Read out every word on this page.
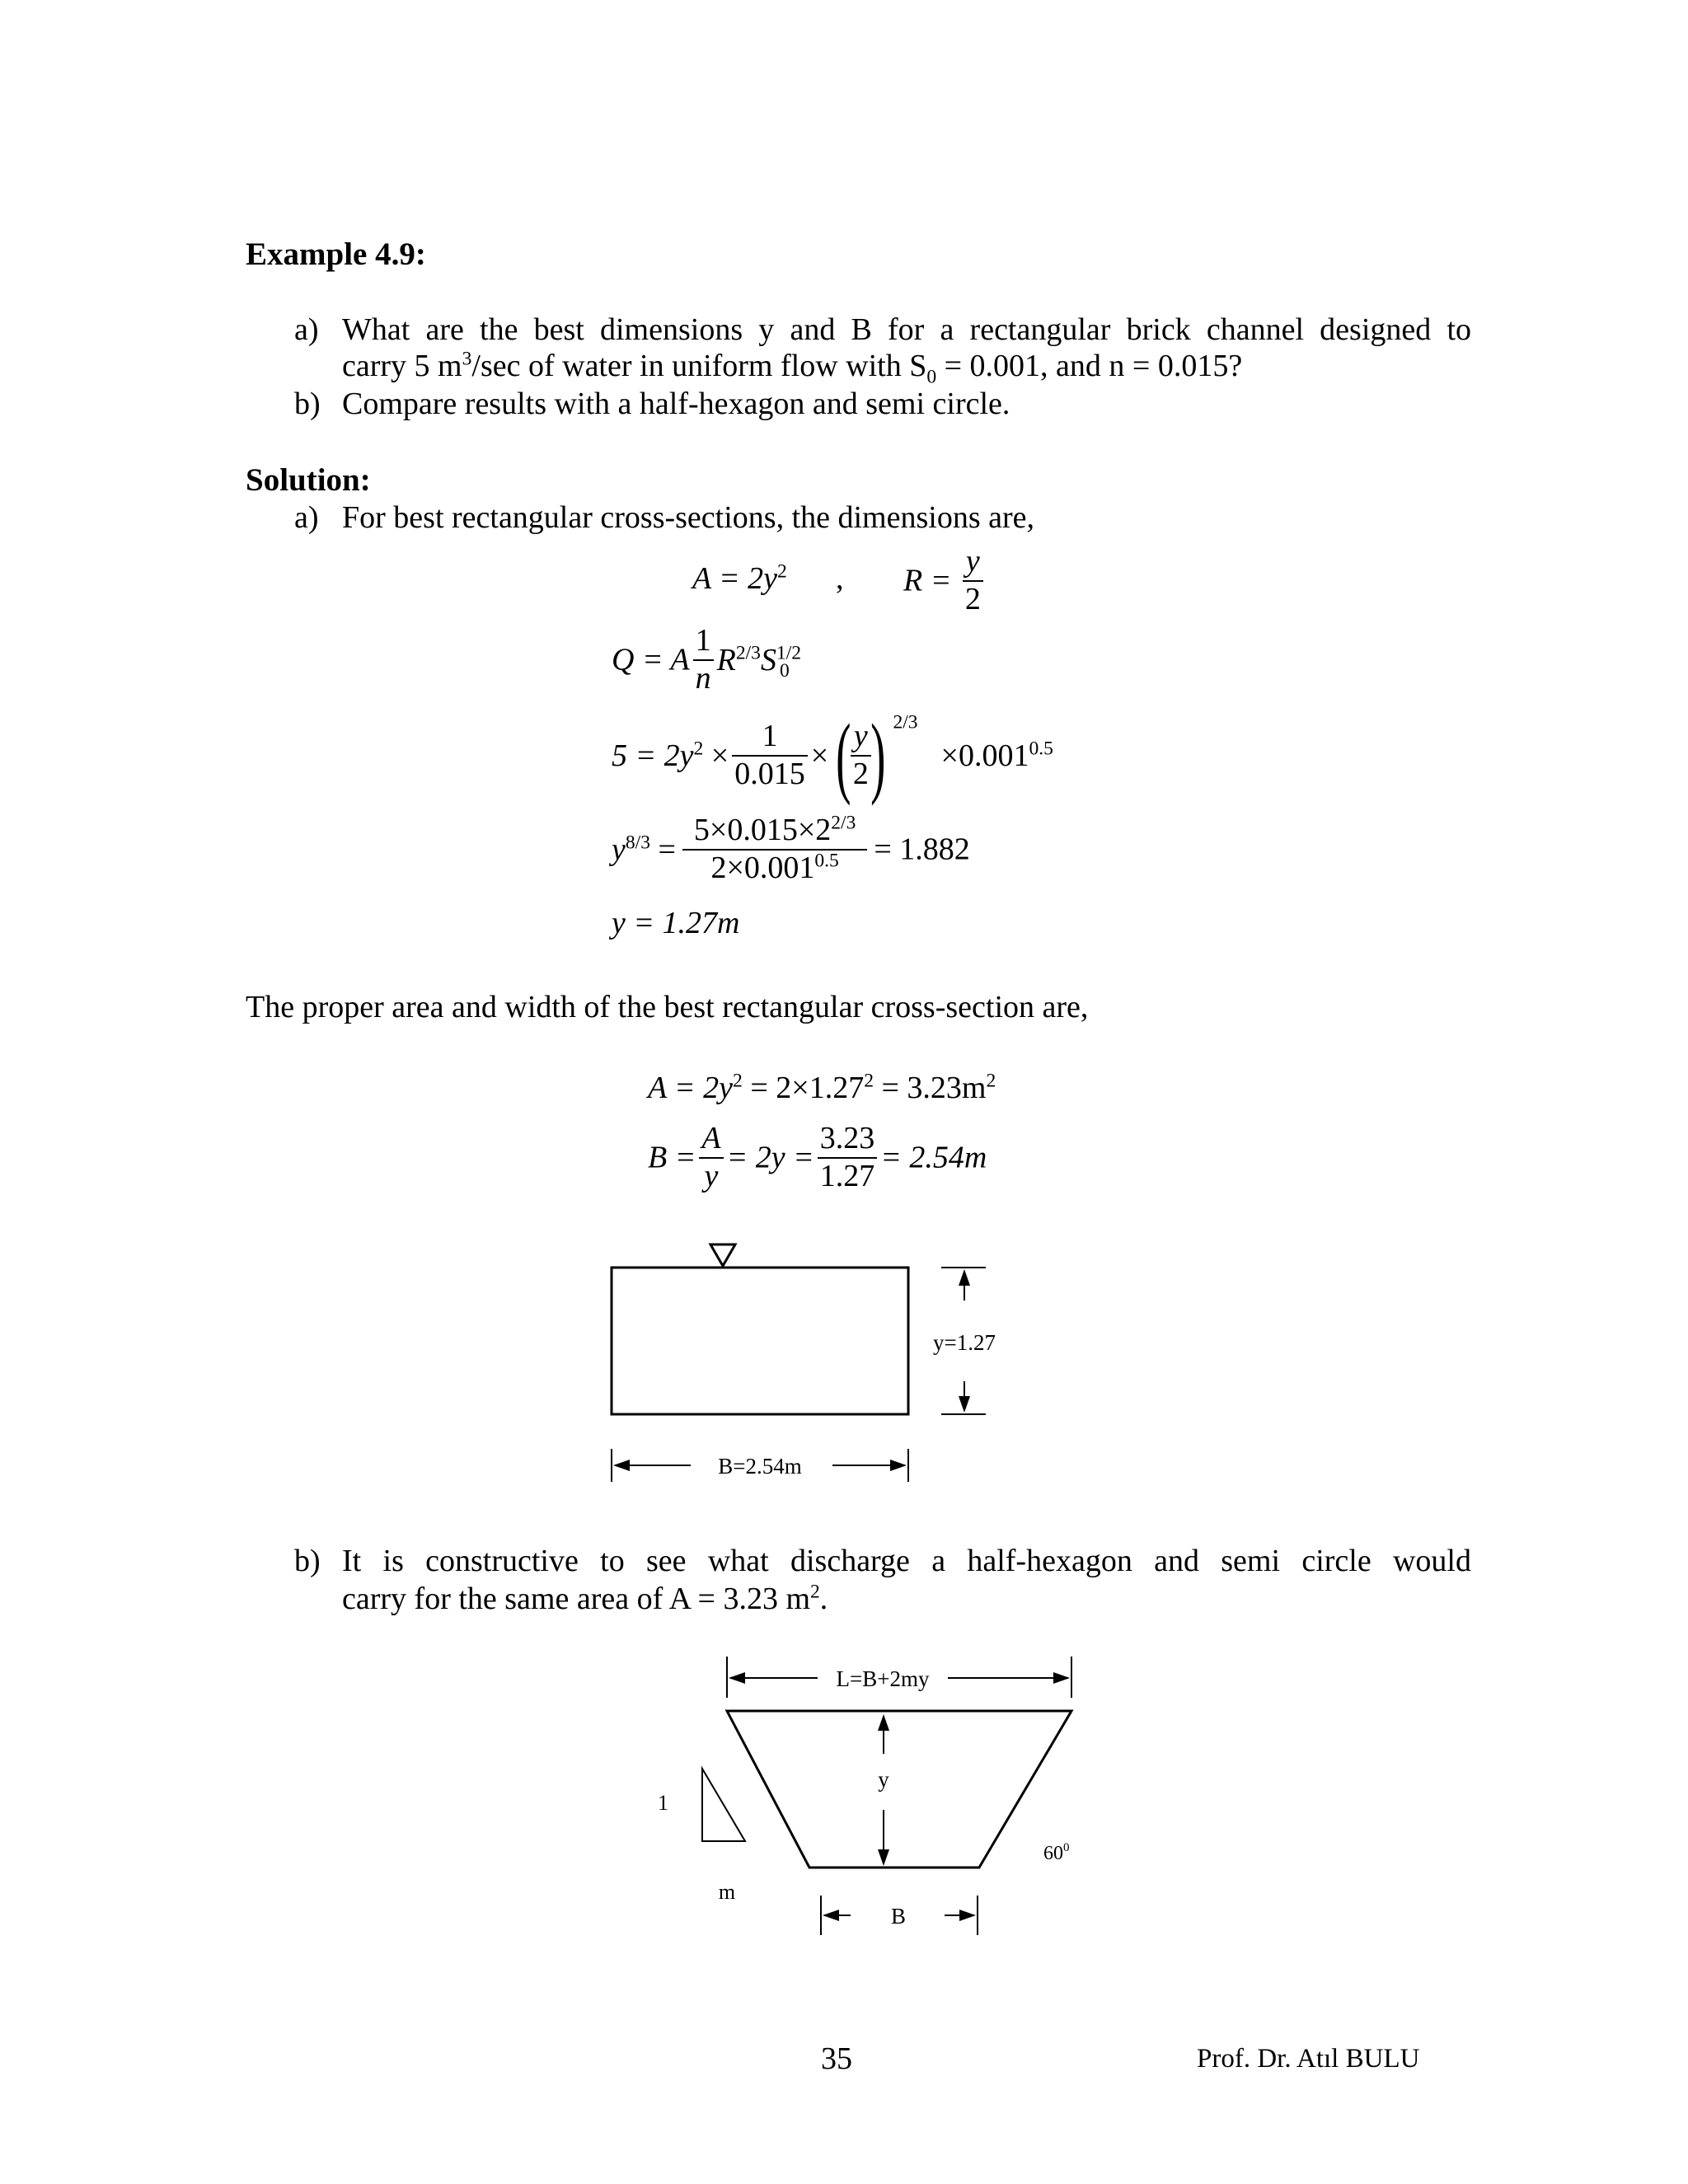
Example 4.9:
a) What are the best dimensions y and B for a rectangular brick channel designed to
carry 5 $m^3/\sec$ of water in uniform flow with $S_0 = 0.001$, and n = 0.015?
b) Compare results with a half-hexagon and semi circle.
Solution:
a) For best rectangular cross-sections, the dimensions are,
$A = 2y^2$ , $R = \frac{y}{2}$
Q = A $\frac{1}{n} R^{2/3}S^{1/2}_0$
$5 = 2y^2 \times \frac{1}{0.015}$ ×( $\frac{y}{2}$ ) $^{2/3}\times 0.001^{0.5}$
$y^{8/3} = \frac{5\times 0.015\times 2^{2/3}}{2\times 0.001^{0.5}} = 1.882$
y = 1.27m
The proper area and width of the best rectangular cross-section are,
$A = 2y^2 = 2\times 1.27^2 = 3.23m^2$
$B = \frac{A}{y} = 2y = \frac{3.23}{1.27} = 2.54m$
y=1.27
B=2.54m
b) It is constructive to see what discharge a half-hexagon and semi circle would
carry for the same area of A = 3.23 $m^2$.
L=B+2my
y
$60^0$
1
m
B
35	Prof. Dr. Atıl BULU
